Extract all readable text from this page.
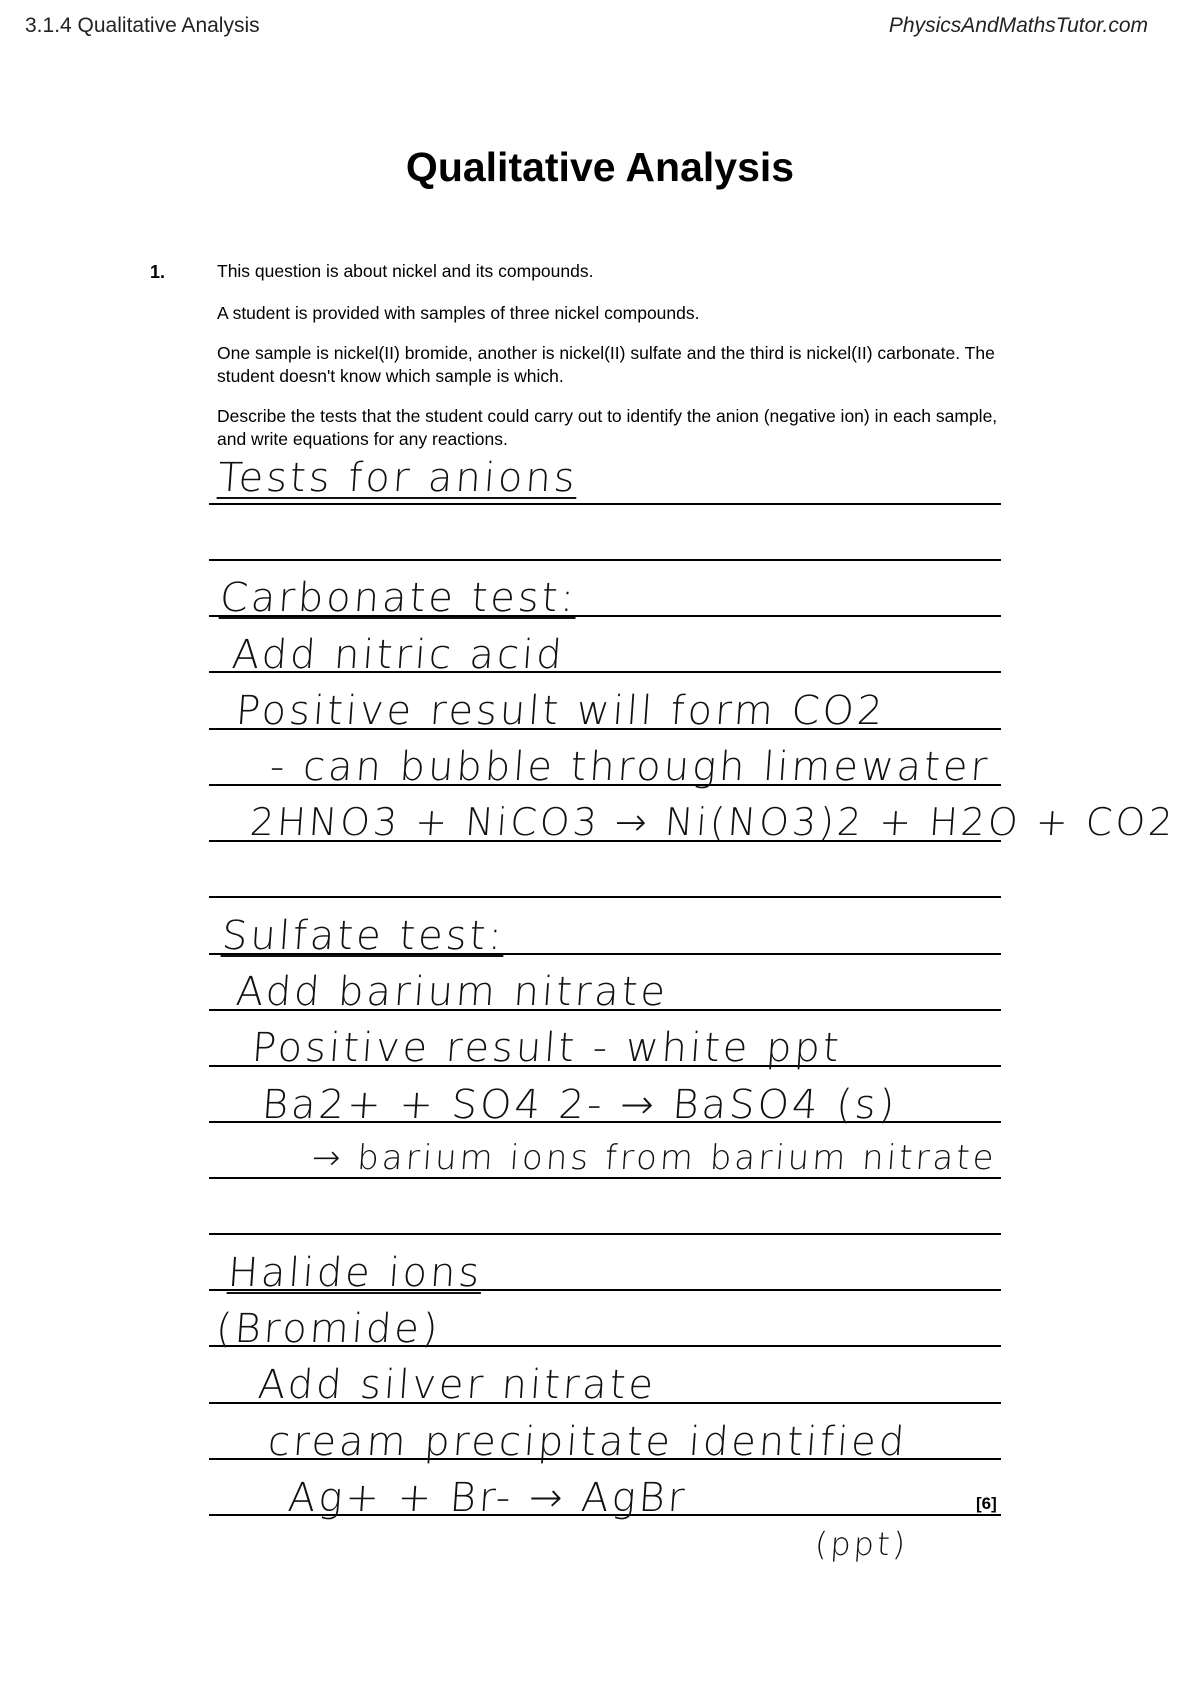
3.1.4 Qualitative Analysis	PhysicsAndMathsTutor.com
Qualitative Analysis
1.	This question is about nickel and its compounds.
A student is provided with samples of three nickel compounds.
One sample is nickel(II) bromide, another is nickel(II) sulfate and the third is nickel(II) carbonate. The student doesn't know which sample is which.
Describe the tests that the student could carry out to identify the anion (negative ion) in each sample, and write equations for any reactions.
Tests for anions
Carbonate test:
Add nitric acid
Positive result will form CO2
- can bubble through limewater
2HNO3 + NiCO3 → Ni(NO3)2 + H2O + CO2
Sulfate test:
Add barium nitrate
Positive result - white ppt
Ba2+ + SO4 2- → BaSO4 (s)
→ barium ions from barium nitrate
Halide ions
(Bromide)
Add silver nitrate
cream precipitate identified
Ag+ + Br- → AgBr
(ppt)
[6]
